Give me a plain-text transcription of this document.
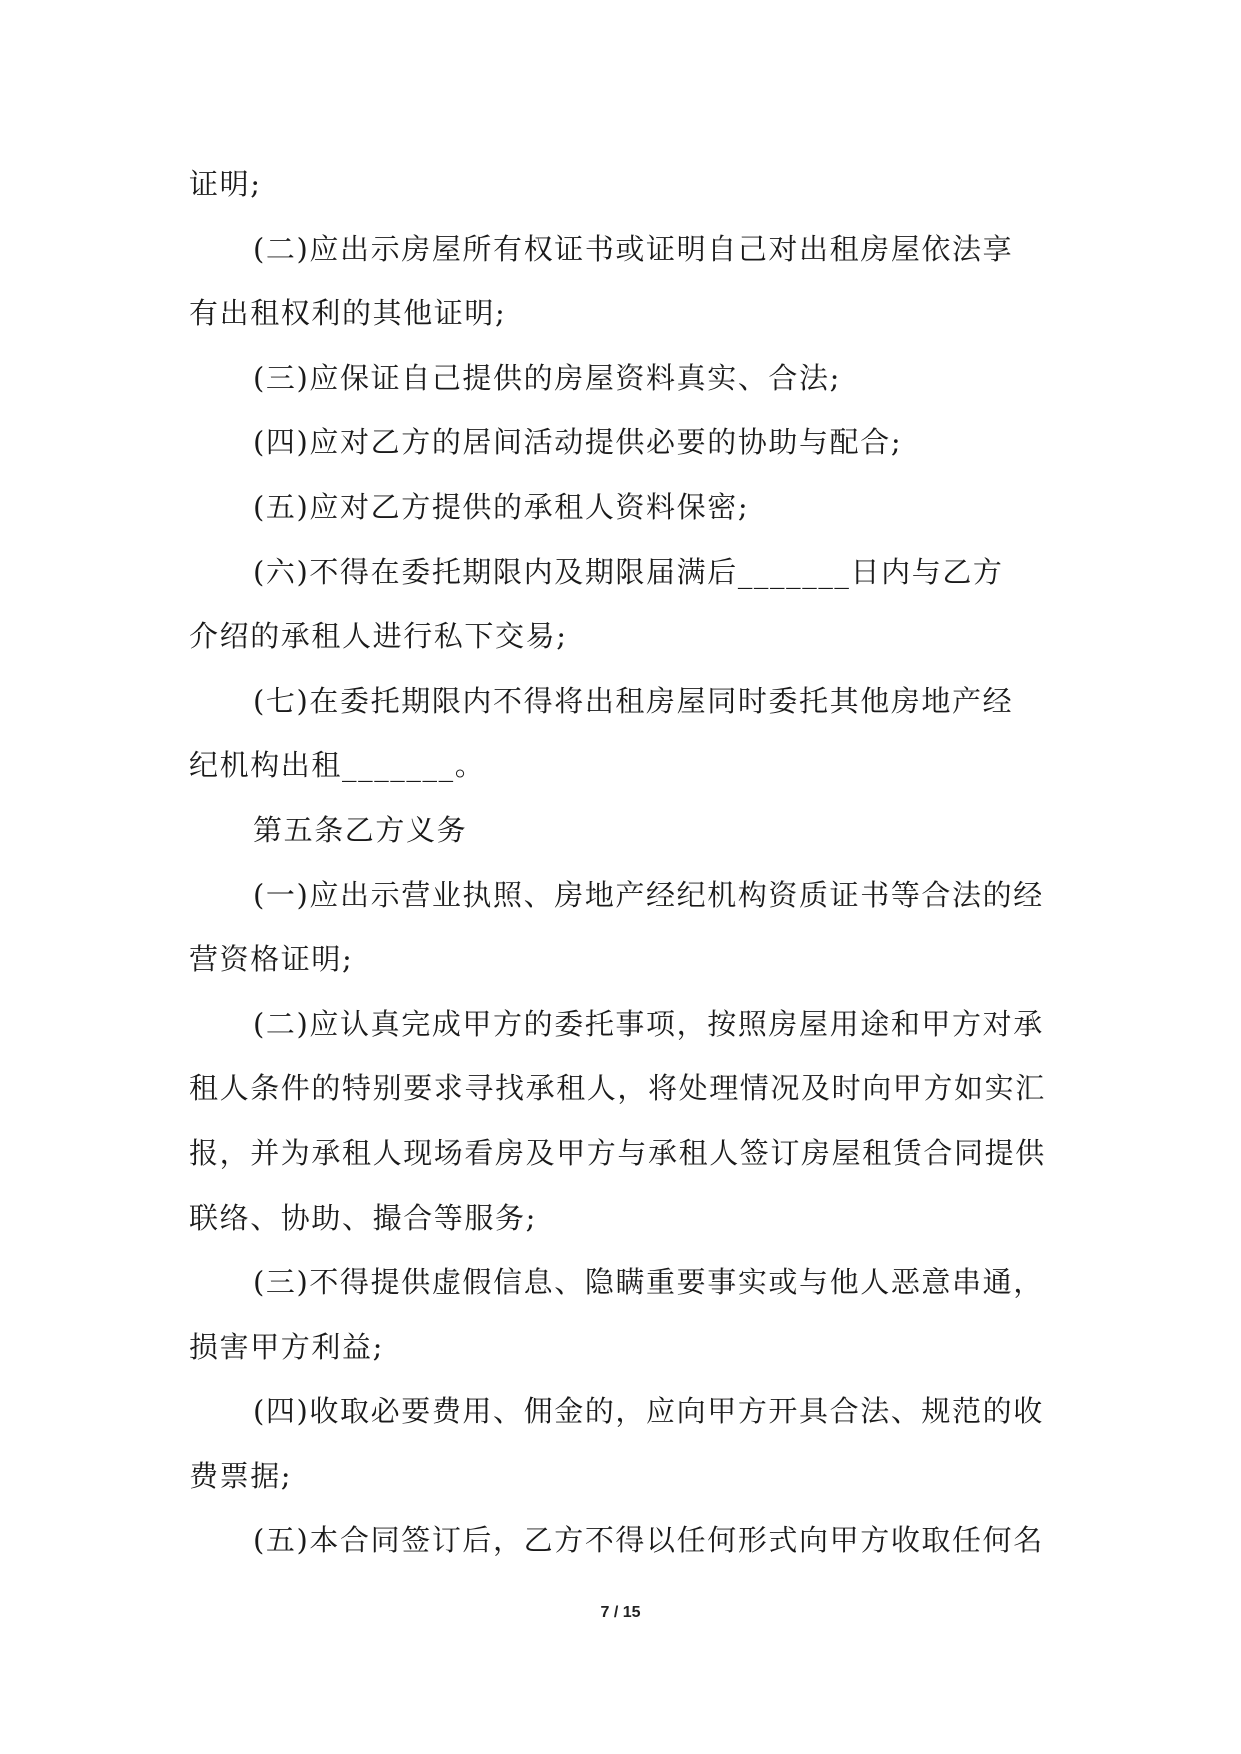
证明;
(二)应出示房屋所有权证书或证明自己对出租房屋依法享
有出租权利的其他证明;
(三)应保证自己提供的房屋资料真实、合法;
(四)应对乙方的居间活动提供必要的协助与配合;
(五)应对乙方提供的承租人资料保密;
(六)不得在委托期限内及期限届满后_______日内与乙方
介绍的承租人进行私下交易;
(七)在委托期限内不得将出租房屋同时委托其他房地产经
纪机构出租_______。
第五条乙方义务
(一)应出示营业执照、房地产经纪机构资质证书等合法的经
营资格证明;
(二)应认真完成甲方的委托事项，按照房屋用途和甲方对承
租人条件的特别要求寻找承租人，将处理情况及时向甲方如实汇
报，并为承租人现场看房及甲方与承租人签订房屋租赁合同提供
联络、协助、撮合等服务;
(三)不得提供虚假信息、隐瞒重要事实或与他人恶意串通，
损害甲方利益;
(四)收取必要费用、佣金的，应向甲方开具合法、规范的收
费票据;
(五)本合同签订后，乙方不得以任何形式向甲方收取任何名
7 / 15
